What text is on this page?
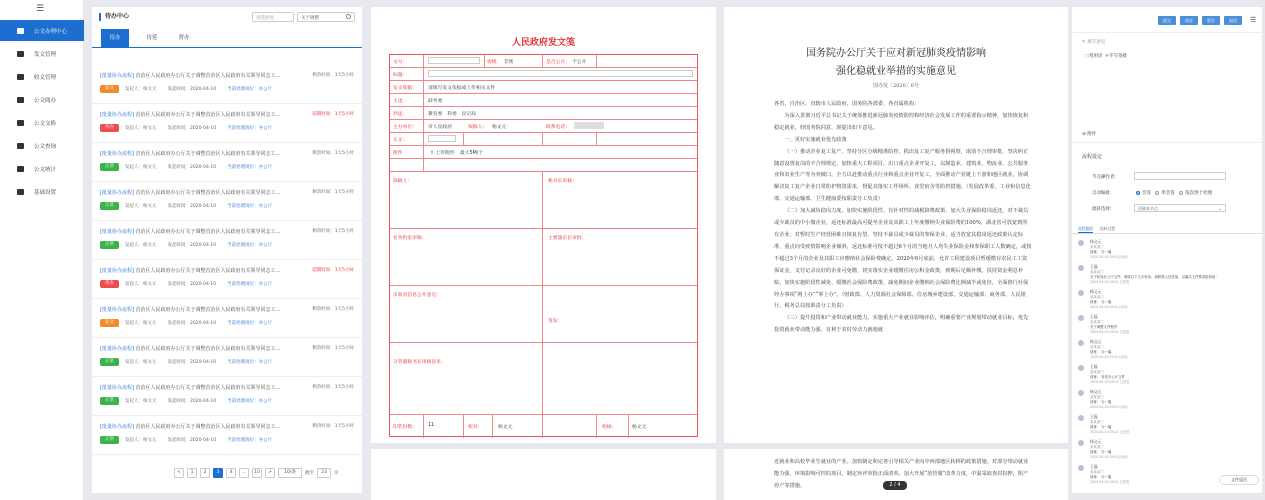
☰
公文办理中心
发文管理
收文管理
公文阅办
公文交换
公文查询
公文统计
基础设置
待办中心	请选择处	关于调整
待办	待延	督办
[批量协办流程] 首治区人民政府办公厅关于调整首治区人民政府有关领导同志工...	剩余时间：1天5小时
发文	发起人：杨文元 发起时间：2020-04-10 当前处理岗位：办公厅
[批量协办流程] 首治区人民政府办公厅关于调整首治区人民政府有关领导同志工...	超期时间：1天5小时
待办	发起人：杨文元 发起时间：2020-04-10 当前处理岗位：办公厅
[批量协办流程] 首治区人民政府办公厅关于调整首治区人民政府有关领导同志工...	剩余时间：1天5小时
正常	发起人：杨文元 发起时间：2020-04-10 当前处理岗位：办公厅
[批量协办流程] 首治区人民政府办公厅关于调整首治区人民政府有关领导同志工...	剩余时间：1天5小时
正常	发起人：杨文元 发起时间：2020-04-10 当前处理岗位：办公厅
[批量协办流程] 首治区人民政府办公厅关于调整首治区人民政府有关领导同志工...	剩余时间：1天5小时
正常	发起人：杨文元 发起时间：2020-04-10 当前处理岗位：办公厅
[批量协办流程] 首治区人民政府办公厅关于调整首治区人民政府有关领导同志工...	超期时间：1天5小时
待办	发起人：杨文元 发起时间：2020-04-10 当前处理岗位：办公厅
[批量协办流程] 首治区人民政府办公厅关于调整首治区人民政府有关领导同志工...	剩余时间：1天5小时
发文	发起人：杨文元 发起时间：2020-04-10 当前处理岗位：办公厅
[批量协办流程] 首治区人民政府办公厅关于调整首治区人民政府有关领导同志工...	剩余时间：1天5小时
正常	发起人：杨文元 发起时间：2020-04-10 当前处理岗位：办公厅
[批量协办流程] 首治区人民政府办公厅关于调整首治区人民政府有关领导同志工...	剩余时间：1天5小时
正常	发起人：杨文元 发起时间：2020-04-10 当前处理岗位：办公厅
[批量协办流程] 首治区人民政府办公厅关于调整首治区人民政府有关领导同志工...	剩余时间：1天5小时
正常	发起人：杨文元 发起时间：2020-04-10 当前处理岗位：办公厅
<	1	2	3	4	...	10	>	10/条	跳至	23	页
人民政府发文笺
文号：	密级： 非密	是否公开： 不公开
标题：
发文依据： 请填写发文依据或上传相关文件
主送：	薛务委
抄送：	教育委　科委　民宗局
主办单位： 市人民政府	拟稿人： 杨文元	联系电话：
正文：
附件	⇪ 上传附件 最大5M/个
拟稿人：	秘书长审核：
业务科室审核：	主要副市长审批：
市政府信息公开意见：
签发：
分管副秘书长审核意见：
印装份数： 11	校对：	杨文元	校核：	杨文元
国务院办公厅关于应对新冠肺炎疫情影响
强化稳就业举措的实施意见
国办发〔2020〕6号

各省、自治区、直辖市人民政府，国务院各部委、各直属机构：

为深入贯彻习近平总书记关于统筹推进新冠肺炎疫情防控和经济社会发展工作的重要指示精神，加快恢复和稳定就业，经国务院同意，现提出如下意见。

一、更好实施就业优先政策

（一）推动企业复工复产。坚持分区分级精准防控，抓出复工复产服务督视察，取消不合理审批，坚决纠正随意设置复岗的不合理规定，加快重大工程项目，出口重点企业开复工，以制造业、建筑业、物流业、公共服务业和农业生产等为突破口，全力以赴推动重点行业和重点企业开复工，全面推动产业链上下游和地区就业，协调解决复工复产企业日常防护物资需求，督促其落实工作场所、食堂宿舍等防控措施。（发展改革委、工业和信息化部、交通运输部、卫生健康委按职责分工负责）

（二）加大减负稳岗力度。加快实施阶段性、有针对性的减税降费政策，加大失业保险稳岗返还，对不裁员或少裁员的中小微企业，返还标准最高可提至企业及其职工上年度缴纳失业保险费的100%，湖北省可放宽到所有企业；对暂时生产经营困难且恢复有望、坚持不裁员或少裁员的参保企业，适当放宽其稳岗返还政策认定标准，重点向受疫情影响企业倾斜，返还标准可按不超过6个月的当地月人均失业保险金和参保职工人数确定，或按不超过3个月的企业及其职工应缴纳社会保险费确定。2020年6月底前，允许工程建设项目暂缓缴存农民工工资保证金，支付记录良好的企业可免缴，切实落实企业缓缴住房公积金政策，到期后足额补缴。扶持资金利息补贴，加快实施阶段性减免、缓缴社会保险费政策，减免期间企业缴纳社会保险费比例减半或免征，全面推行社保经办事项“网上办”“掌上办”。（财政部、人力资源社会保障部、住房城乡建设部、交通运输部、商务部、人民银行、税务总局按职责分工负责）

（三）提升投资和产业带动就业能力。实施重大产业就业影响评估，明确重要产业规划带动就业目标，优先投资就业带动能力强、有利于农村劳动力就地就

近就业和高校毕业生就业的产业。加快制定和完善引导相关产业向中西部地区转移的政策措施。对部分带动就业能力强、环境影响可控的项目，制定环评审批正面清单。加大开展“放管服”改革力度，中温采取查封扣押，阻产停产等措施。	2 / 4
提交	保存	暂存	退回	☰
✎ 填写意见
◌常用语 ✍手写签批
⊘ 附件
流程设定
节点操作者：
自动编排：	会签 串会签 依次逐个处理
流转选择：	回到本节点	⌄
流程跟踪 流转过程
杨文元
某某部门
请意： 办一篇
2020-04-10 09:21(未读)
王磊
某某部门
关于转发办公厅文件，请按以下文字转发；请联系人员张某，以落实文件要求批转给：
2020-04-10 09:21 已回复
杨文元
某某部门
请意： 办一篇
2020-04-10 09:21(未读)
王磊
某某部门
关于调整文件程序
2020-04-10 09:21 已回复
杨文元
某某部门
请意： 办一篇
2020-04-10 09:21(未读)
王磊
某某部门
请意： 转发办公厅文件
2020-04-10 09:21 已回复
杨文元
某某部门
请意： 办一篇
2020-04-10 09:21(未读)
王磊
某某部门
请意： 办一篇
2020-04-10 09:21 已回复
杨文元
某某部门
请意： 办一篇
2020-04-10 09:21(未读)
王磊
某某部门
请意： 办一篇
2020-04-10 09:21 已回复	文件返回
